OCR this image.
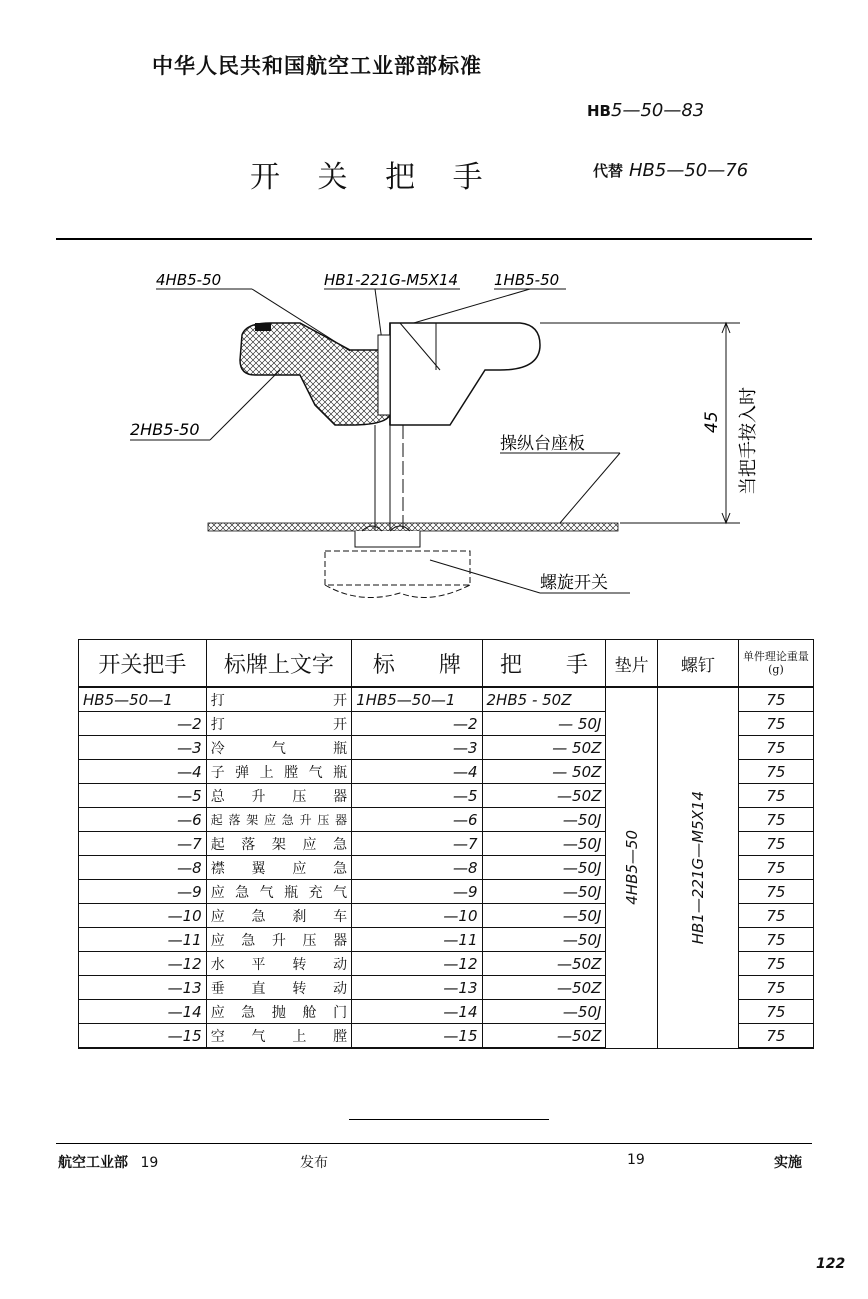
中华人民共和国航空工业部部标准
HB5—50—83
开 关 把 手	代替 HB5—50—76
4HB5-50	HB1-221G-M5X14 1HB5-50
2HB5-50	45 当把手按入时
操纵台座板
螺旋开关
开关把手	标牌上文字	标　　牌	把　　手	垫片	螺钉	单件理论重量(g)
HB5—50—1	打开	1HB5—50—1	2HB5 - 50Z	4HB5—50	HB1—221G—M5X14	75
—2	打开	—2	— 50J			75
—3	冷气瓶	—3	— 50Z			75
—4	子弹上膛气瓶	—4	— 50Z			75
—5	总升压器	—5	—50Z			75
—6	起落架应急升压器	—6	—50J			75
—7	起落架应急	—7	—50J			75
—8	襟翼应急	—8	—50J			75
—9	应急气瓶充气	—9	—50J			75
—10	应急刹车	—10	—50J			75
—11	应急升压器	—11	—50J			75
—12	水平转动	—12	—50Z			75
—13	垂直转动	—13	—50Z			75
—14	应急抛舱门	—14	—50J			75
—15	空气上膛	—15	—50Z			75
航空工业部 19	发布	19	实施
122
